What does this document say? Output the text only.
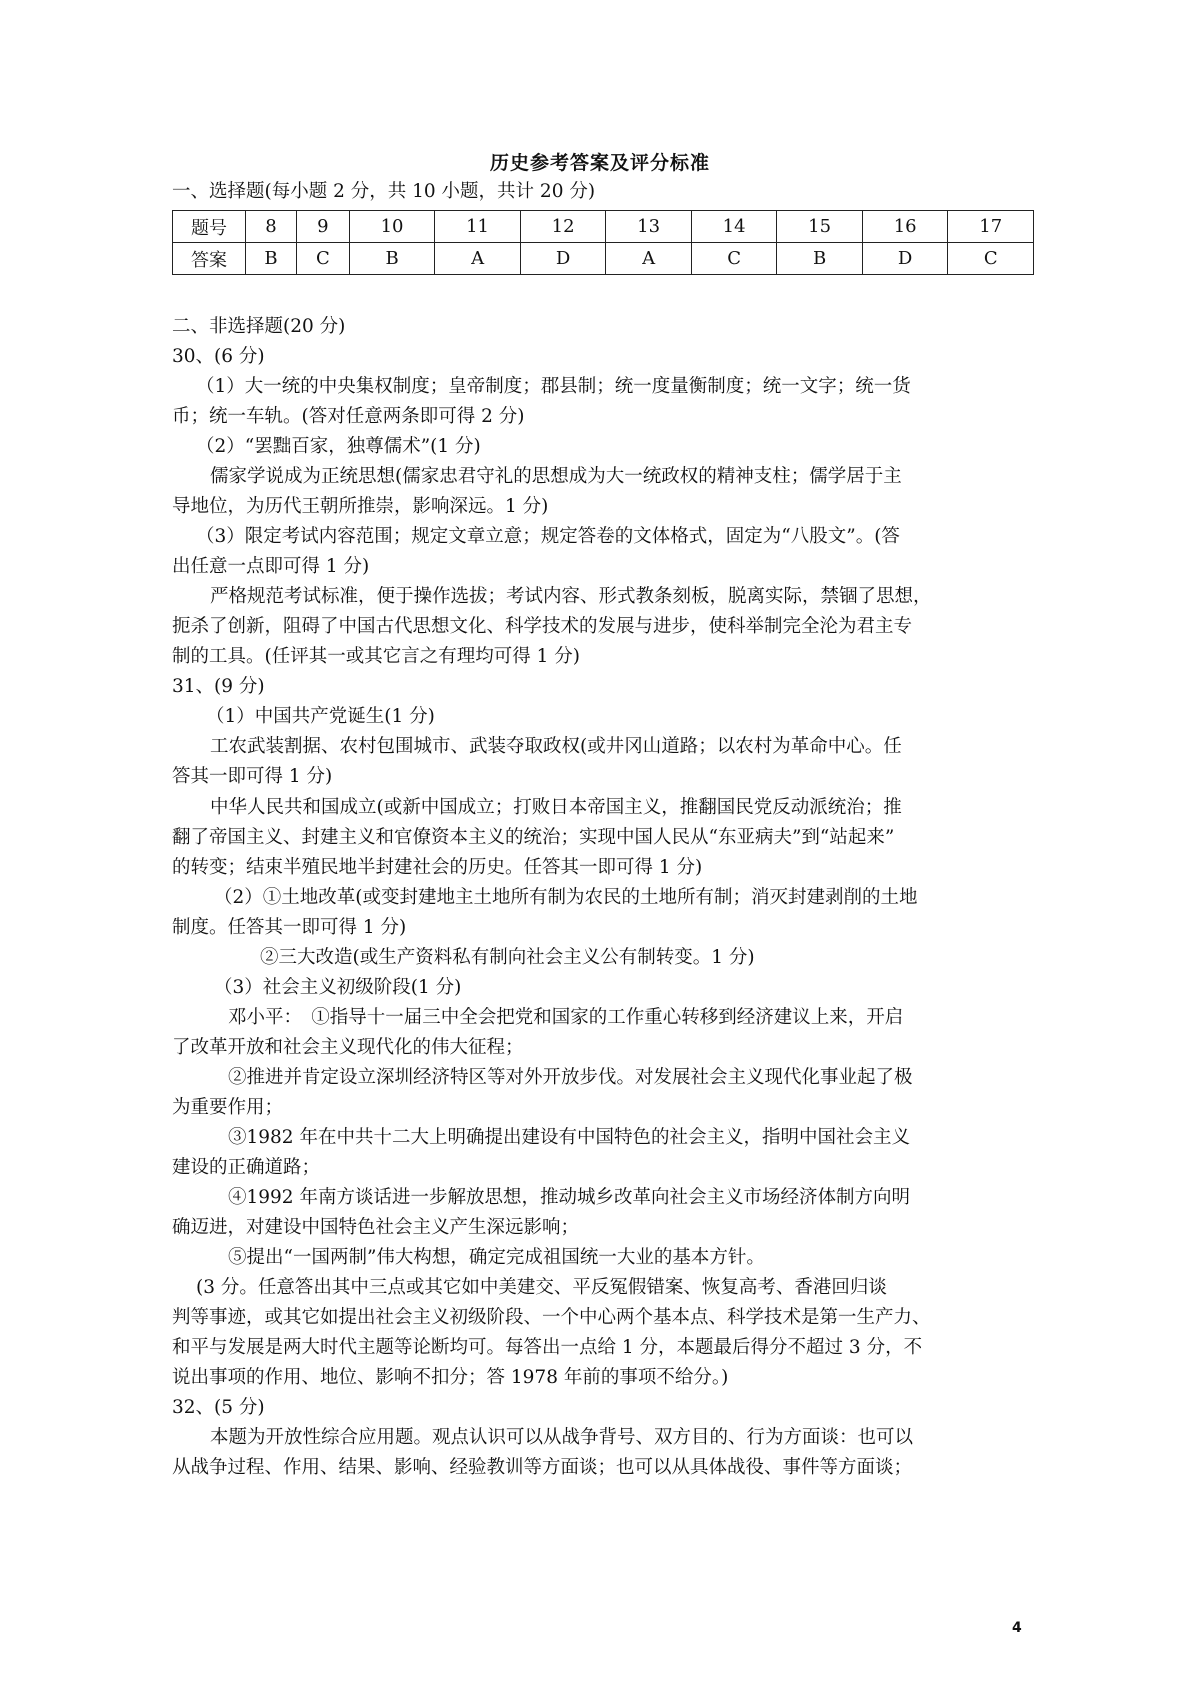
历史参考答案及评分标准
一、选择题(每小题 2 分，共 10 小题，共计 20 分)
题号	8	9	10	11	12	13	14	15	16	17
答案	B	C	B	A	D	A	C	B	D	C
二、非选择题(20 分)
30、(6 分)
（1）大一统的中央集权制度；皇帝制度；郡县制；统一度量衡制度；统一文字；统一货
币；统一车轨。(答对任意两条即可得 2 分)
（2）“罢黜百家，独尊儒术”(1 分)
儒家学说成为正统思想(儒家忠君守礼的思想成为大一统政权的精神支柱；儒学居于主
导地位，为历代王朝所推崇，影响深远。1 分)
（3）限定考试内容范围；规定文章立意；规定答卷的文体格式，固定为“八股文”。(答
出任意一点即可得 1 分)
严格规范考试标准，便于操作选拔；考试内容、形式教条刻板，脱离实际，禁锢了思想，
扼杀了创新，阻碍了中国古代思想文化、科学技术的发展与进步，使科举制完全沦为君主专
制的工具。(任评其一或其它言之有理均可得 1 分)
31、(9 分)
（1）中国共产党诞生(1 分)
工农武装割据、农村包围城市、武装夺取政权(或井冈山道路；以农村为革命中心。任
答其一即可得 1 分)
中华人民共和国成立(或新中国成立；打败日本帝国主义，推翻国民党反动派统治；推
翻了帝国主义、封建主义和官僚资本主义的统治；实现中国人民从“东亚病夫”到“站起来”
的转变；结束半殖民地半封建社会的历史。任答其一即可得 1 分)
（2）①土地改革(或变封建地主土地所有制为农民的土地所有制；消灭封建剥削的土地
制度。任答其一即可得 1 分)
②三大改造(或生产资料私有制向社会主义公有制转变。1 分)
（3）社会主义初级阶段(1 分)
邓小平：　①指导十一届三中全会把党和国家的工作重心转移到经济建议上来，开启
了改革开放和社会主义现代化的伟大征程；
②推进并肯定设立深圳经济特区等对外开放步伐。对发展社会主义现代化事业起了极
为重要作用；
③1982 年在中共十二大上明确提出建设有中国特色的社会主义，指明中国社会主义
建设的正确道路；
④1992 年南方谈话进一步解放思想，推动城乡改革向社会主义市场经济体制方向明
确迈进，对建设中国特色社会主义产生深远影响；
⑤提出“一国两制”伟大构想，确定完成祖国统一大业的基本方针。
(3 分。任意答出其中三点或其它如中美建交、平反冤假错案、恢复高考、香港回归谈
判等事迹，或其它如提出社会主义初级阶段、一个中心两个基本点、科学技术是第一生产力、
和平与发展是两大时代主题等论断均可。每答出一点给 1 分，本题最后得分不超过 3 分，不
说出事项的作用、地位、影响不扣分；答 1978 年前的事项不给分。)
32、(5 分)
本题为开放性综合应用题。观点认识可以从战争背号、双方目的、行为方面谈：也可以
从战争过程、作用、结果、影响、经验教训等方面谈；也可以从具体战役、事件等方面谈；
4
